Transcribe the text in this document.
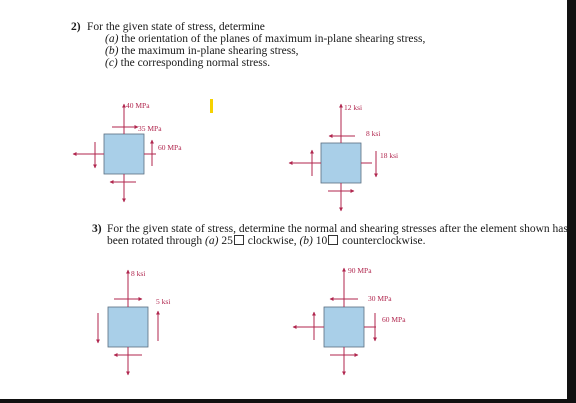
2) For the given state of stress, determine
(a) the orientation of the planes of maximum in-plane shearing stress,
(b) the maximum in-plane shearing stress,
(c) the corresponding normal stress.
3) For the given state of stress, determine the normal and shearing stresses after the element shown has
been rotated through (a) 25 clockwise, (b) 10 counterclockwise.
40 MPa
35 MPa
60 MPa
12 ksi
8 ksi
18 ksi
8 ksi
5 ksi
90 MPa
30 MPa
60 MPa
